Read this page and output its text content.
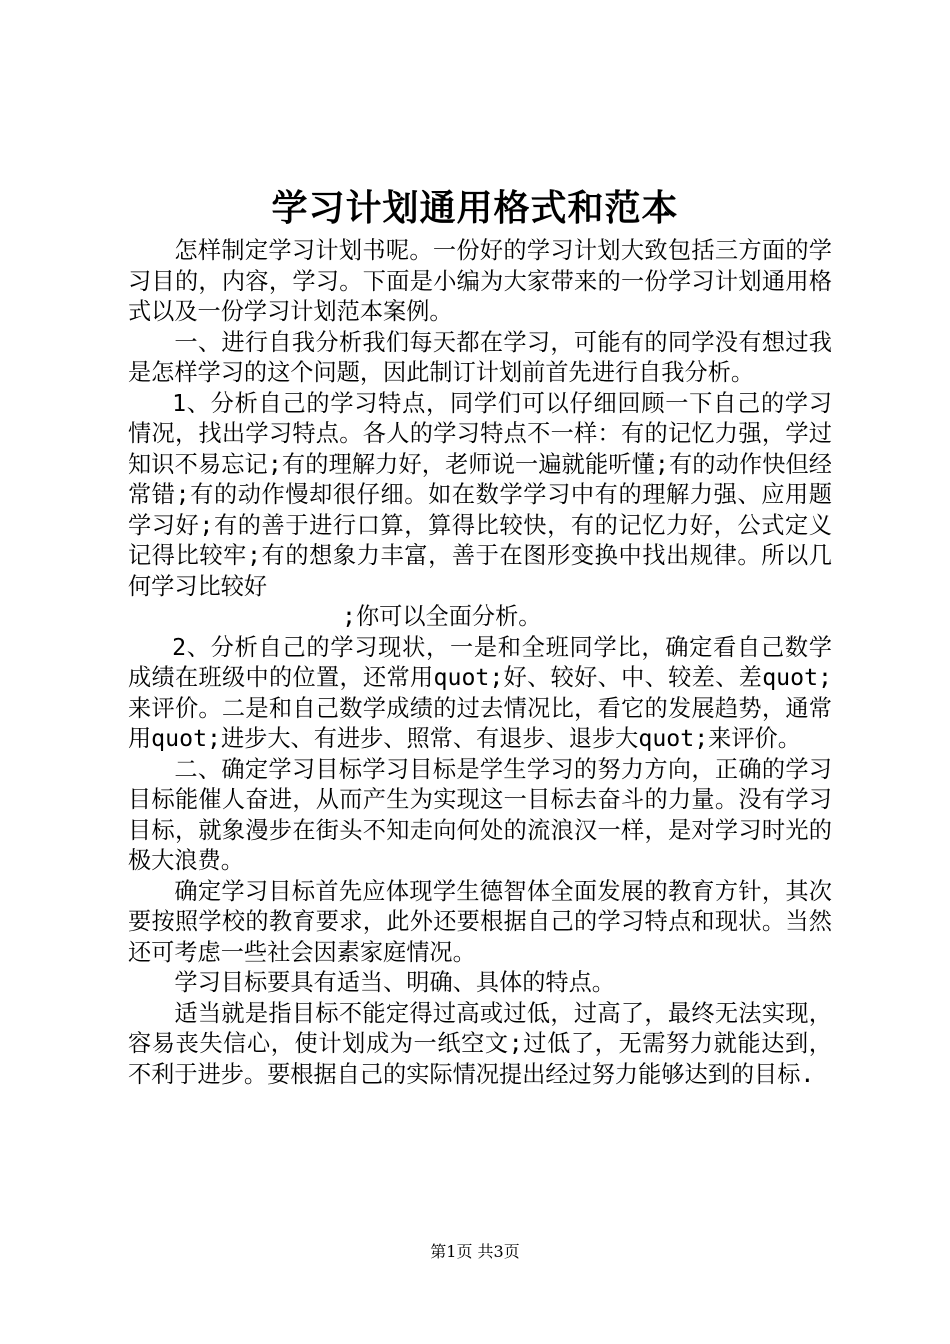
学习计划通用格式和范本

怎样制定学习计划书呢。一份好的学习计划大致包括三方面的学习目的，内容，学习。下面是小编为大家带来的一份学习计划通用格式以及一份学习计划范本案例。

一、进行自我分析我们每天都在学习，可能有的同学没有想过我是怎样学习的这个问题，因此制订计划前首先进行自我分析。

1、分析自己的学习特点，同学们可以仔细回顾一下自己的学习情况，找出学习特点。各人的学习特点不一样：有的记忆力强，学过知识不易忘记;有的理解力好，老师说一遍就能听懂;有的动作快但经常错;有的动作慢却很仔细。如在数学学习中有的理解力强、应用题学习好;有的善于进行口算，算得比较快，有的记忆力好，公式定义记得比较牢;有的想象力丰富，善于在图形变换中找出规律。所以几何学习比较好

;你可以全面分析。

2、分析自己的学习现状，一是和全班同学比，确定看自己数学成绩在班级中的位置，还常用quot;好、较好、中、较差、差quot;来评价。二是和自己数学成绩的过去情况比，看它的发展趋势，通常用quot;进步大、有进步、照常、有退步、退步大quot;来评价。

二、确定学习目标学习目标是学生学习的努力方向，正确的学习目标能催人奋进，从而产生为实现这一目标去奋斗的力量。没有学习目标，就象漫步在街头不知走向何处的流浪汉一样，是对学习时光的极大浪费。

确定学习目标首先应体现学生德智体全面发展的教育方针，其次要按照学校的教育要求，此外还要根据自己的学习特点和现状。当然还可考虑一些社会因素家庭情况。

学习目标要具有适当、明确、具体的特点。

适当就是指目标不能定得过高或过低，过高了，最终无法实现，容易丧失信心，使计划成为一纸空文;过低了，无需努力就能达到，不利于进步。要根据自己的实际情况提出经过努力能够达到的目标.

第1页 共3页
